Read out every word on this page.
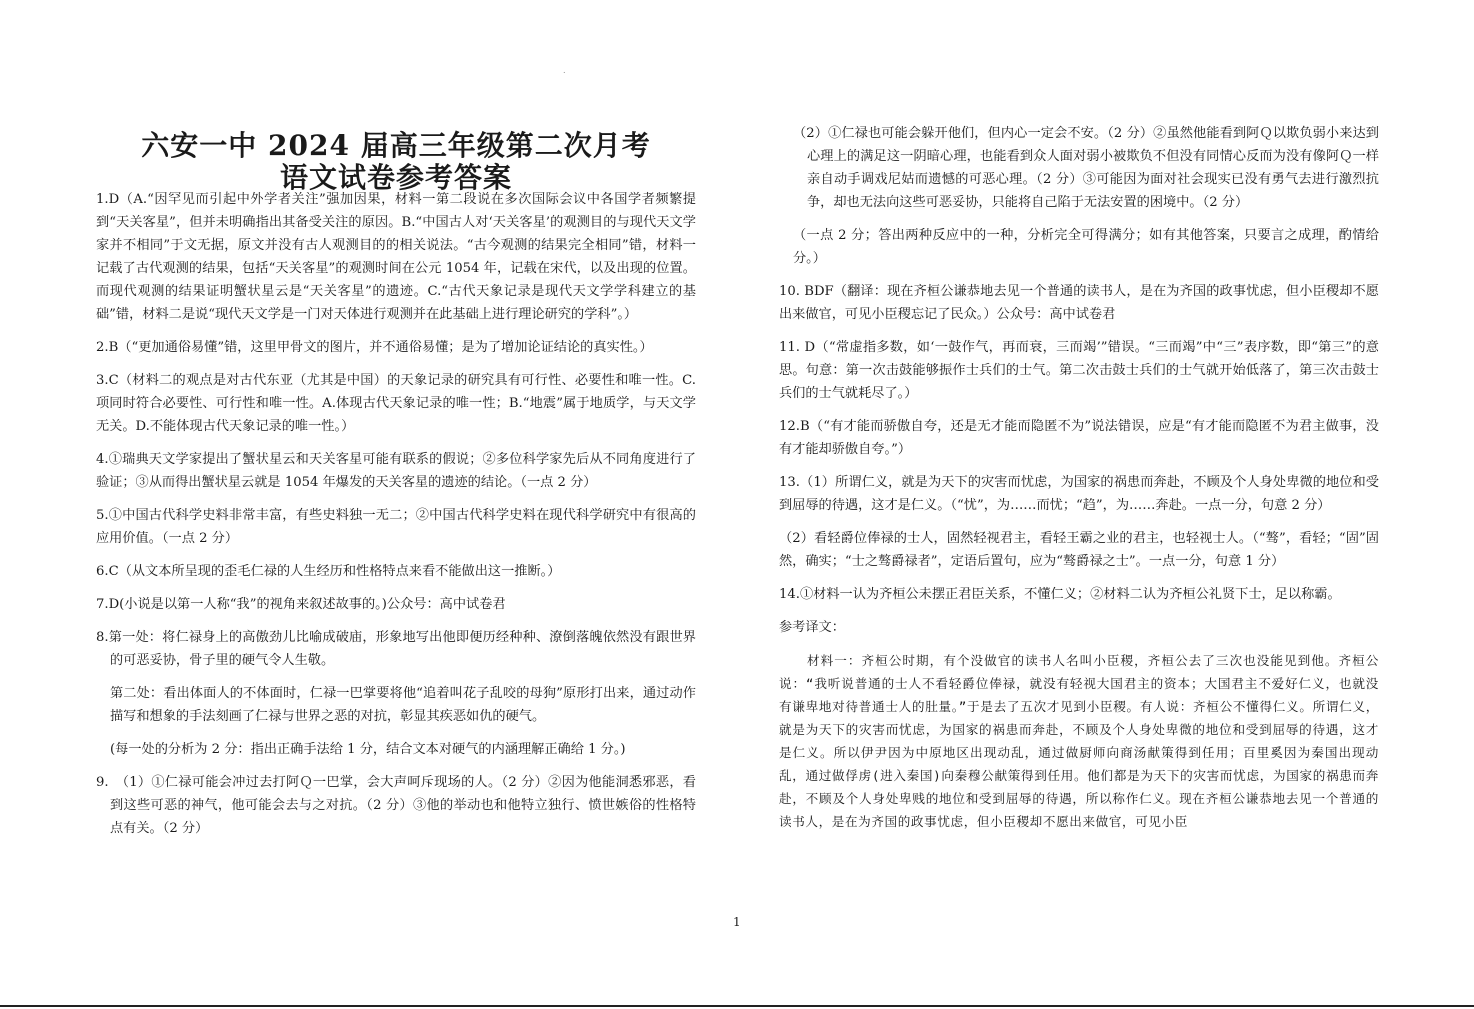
.
六安一中 2024 届高三年级第二次月考
语文试卷参考答案

1.D（A.“因罕见而引起中外学者关注”强加因果，材料一第二段说在多次国际会议中各国学者频繁提到“天关客星”，但并未明确指出其备受关注的原因。B.“中国古人对‘天关客星’的观测目的与现代天文学家并不相同”于文无据，原文并没有古人观测目的的相关说法。“古今观测的结果完全相同”错，材料一记载了古代观测的结果，包括“天关客星”的观测时间在公元 1054 年，记载在宋代，以及出现的位置。而现代观测的结果证明蟹状星云是“天关客星”的遗迹。C.“古代天象记录是现代天文学学科建立的基础”错，材料二是说“现代天文学是一门对天体进行观测并在此基础上进行理论研究的学科”。）

2.B（“更加通俗易懂”错，这里甲骨文的图片，并不通俗易懂；是为了增加论证结论的真实性。）

3.C（材料二的观点是对古代东亚（尤其是中国）的天象记录的研究具有可行性、必要性和唯一性。C.项同时符合必要性、可行性和唯一性。A.体现古代天象记录的唯一性；B.“地震”属于地质学，与天文学无关。D.不能体现古代天象记录的唯一性。）

4.①瑞典天文学家提出了蟹状星云和天关客星可能有联系的假说；②多位科学家先后从不同角度进行了验证；③从而得出蟹状星云就是 1054 年爆发的天关客星的遗迹的结论。（一点 2 分）

5.①中国古代科学史料非常丰富，有些史料独一无二；②中国古代科学史料在现代科学研究中有很高的应用价值。（一点 2 分）

6.C（从文本所呈现的歪毛仁禄的人生经历和性格特点来看不能做出这一推断。）

7.D(小说是以第一人称“我”的视角来叙述故事的。)公众号：高中试卷君

8.第一处：将仁禄身上的高傲劲儿比喻成破庙，形象地写出他即便历经种种、潦倒落魄依然没有跟世界的可恶妥协，骨子里的硬气令人生敬。

第二处：看出体面人的不体面时，仁禄一巴掌要将他“追着叫花子乱咬的母狗”原形打出来，通过动作描写和想象的手法刻画了仁禄与世界之恶的对抗，彰显其疾恶如仇的硬气。

(每一处的分析为 2 分：指出正确手法给 1 分，结合文本对硬气的内涵理解正确给 1 分。)

9.　（1）①仁禄可能会冲过去打阿Ｑ一巴掌，会大声呵斥现场的人。（2 分）②因为他能洞悉邪恶，看到这些可恶的神气，他可能会去与之对抗。（2 分）③他的举动也和他特立独行、愤世嫉俗的性格特点有关。（2 分）

（2）①仁禄也可能会躲开他们，但内心一定会不安。（2 分）②虽然他能看到阿Ｑ以欺负弱小来达到心理上的满足这一阴暗心理，也能看到众人面对弱小被欺负不但没有同情心反而为没有像阿Ｑ一样亲自动手调戏尼姑而遗憾的可恶心理。（2 分）③可能因为面对社会现实已没有勇气去进行激烈抗争，却也无法向这些可恶妥协，只能将自己陷于无法安置的困境中。（2 分）

（一点 2 分；答出两种反应中的一种，分析完全可得满分；如有其他答案，只要言之成理，酌情给分。）

10. BDF（翻译：现在齐桓公谦恭地去见一个普通的读书人，是在为齐国的政事忧虑，但小臣稷却不愿出来做官，可见小臣稷忘记了民众。）公众号：高中试卷君

11. D（“常虚指多数，如‘一鼓作气，再而衰，三而竭’”错误。“三而竭”中“三”表序数，即“第三”的意思。句意：第一次击鼓能够振作士兵们的士气。第二次击鼓士兵们的士气就开始低落了，第三次击鼓士兵们的士气就耗尽了。）

12.B（“有才能而骄傲自夸，还是无才能而隐匿不为”说法错误，应是“有才能而隐匿不为君主做事，没有才能却骄傲自夸。”）

13.（1）所谓仁义，就是为天下的灾害而忧虑，为国家的祸患而奔赴，不顾及个人身处卑微的地位和受到屈辱的待遇，这才是仁义。（“忧”，为……而忧；“趋”，为……奔赴。一点一分，句意 2 分）

（2）看轻爵位俸禄的士人，固然轻视君主，看轻王霸之业的君主，也轻视士人。（“骜”，看轻；“固”固然，确实；“士之骜爵禄者”，定语后置句，应为“骜爵禄之士”。一点一分，句意 1 分）

14.①材料一认为齐桓公未摆正君臣关系，不懂仁义；②材料二认为齐桓公礼贤下士，足以称霸。

参考译文：

材料一：齐桓公时期，有个没做官的读书人名叫小臣稷，齐桓公去了三次也没能见到他。齐桓公说：“我听说普通的士人不看轻爵位俸禄，就没有轻视大国君主的资本；大国君主不爱好仁义，也就没有谦卑地对待普通士人的肚量。”于是去了五次才见到小臣稷。有人说：齐桓公不懂得仁义。所谓仁义，就是为天下的灾害而忧虑，为国家的祸患而奔赴，不顾及个人身处卑微的地位和受到屈辱的待遇，这才是仁义。所以伊尹因为中原地区出现动乱，通过做厨师向商汤献策得到任用；百里奚因为秦国出现动乱，通过做俘虏(进入秦国)向秦穆公献策得到任用。他们都是为天下的灾害而忧虑，为国家的祸患而奔赴，不顾及个人身处卑贱的地位和受到屈辱的待遇，所以称作仁义。现在齐桓公谦恭地去见一个普通的读书人，是在为齐国的政事忧虑，但小臣稷却不愿出来做官，可见小臣

1
